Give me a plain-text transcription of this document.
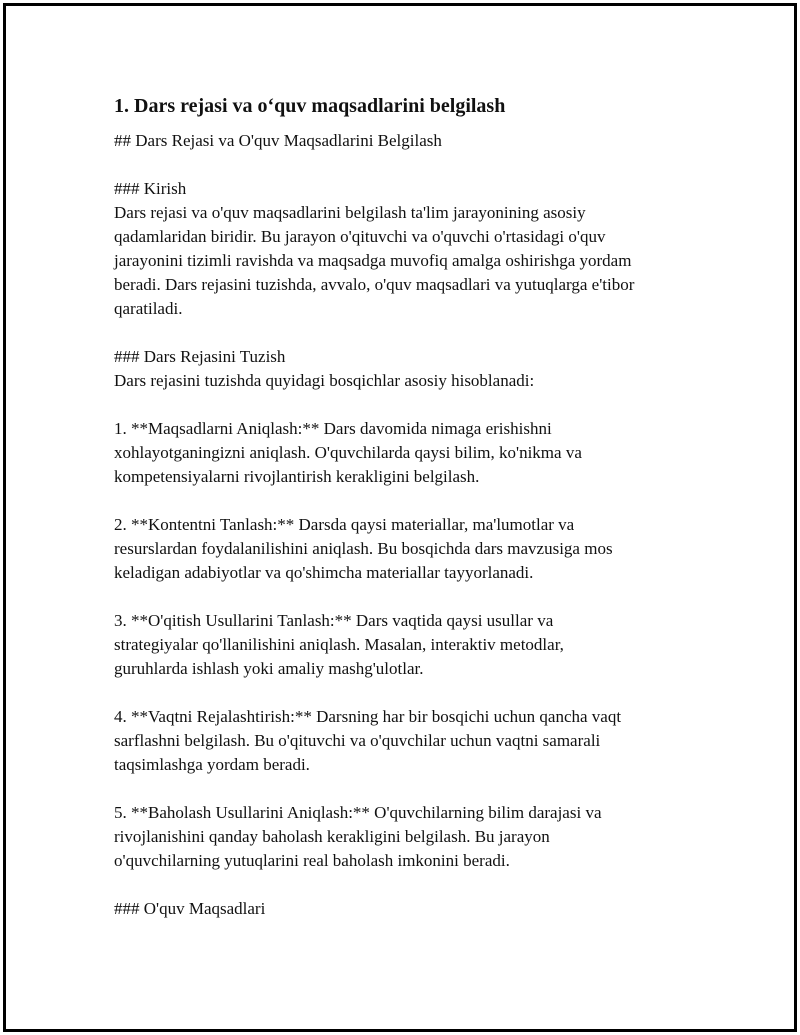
1. Dars rejasi va o‘quv maqsadlarini belgilash
## Dars Rejasi va O'quv Maqsadlarini Belgilash
### Kirish
Dars rejasi va o'quv maqsadlarini belgilash ta'lim jarayonining asosiy
qadamlaridan biridir. Bu jarayon o'qituvchi va o'quvchi o'rtasidagi o'quv
jarayonini tizimli ravishda va maqsadga muvofiq amalga oshirishga yordam
beradi. Dars rejasini tuzishda, avvalo, o'quv maqsadlari va yutuqlarga e'tibor
qaratiladi.
### Dars Rejasini Tuzish
Dars rejasini tuzishda quyidagi bosqichlar asosiy hisoblanadi:
1. **Maqsadlarni Aniqlash:** Dars davomida nimaga erishishni
xohlayotganingizni aniqlash. O'quvchilarda qaysi bilim, ko'nikma va
kompetensiyalarni rivojlantirish kerakligini belgilash.
2. **Kontentni Tanlash:** Darsda qaysi materiallar, ma'lumotlar va
resurslardan foydalanilishini aniqlash. Bu bosqichda dars mavzusiga mos
keladigan adabiyotlar va qo'shimcha materiallar tayyorlanadi.
3. **O'qitish Usullarini Tanlash:** Dars vaqtida qaysi usullar va
strategiyalar qo'llanilishini aniqlash. Masalan, interaktiv metodlar,
guruhlarda ishlash yoki amaliy mashg'ulotlar.
4. **Vaqtni Rejalashtirish:** Darsning har bir bosqichi uchun qancha vaqt
sarflashni belgilash. Bu o'qituvchi va o'quvchilar uchun vaqtni samarali
taqsimlashga yordam beradi.
5. **Baholash Usullarini Aniqlash:** O'quvchilarning bilim darajasi va
rivojlanishini qanday baholash kerakligini belgilash. Bu jarayon
o'quvchilarning yutuqlarini real baholash imkonini beradi.
### O'quv Maqsadlari
